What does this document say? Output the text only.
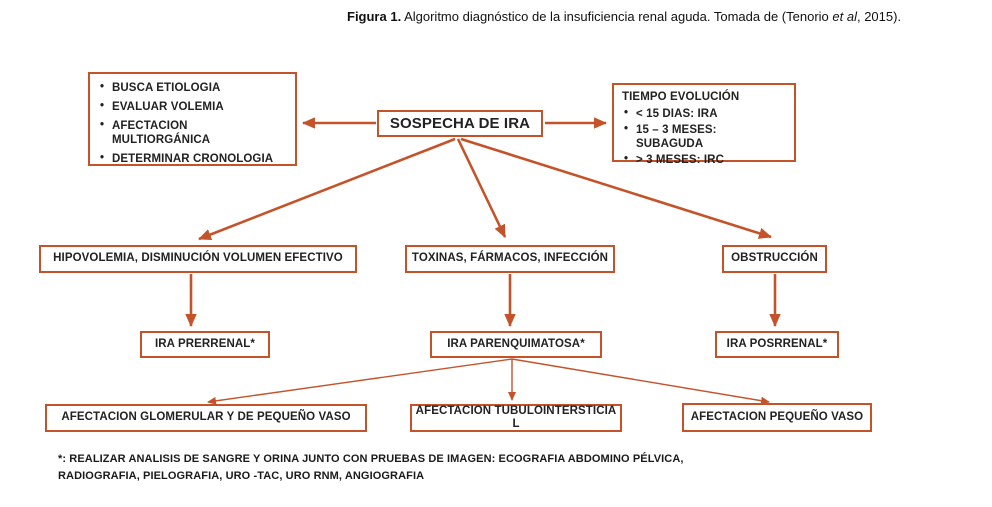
Figura 1. Algoritmo diagnóstico de la insuficiencia renal aguda. Tomada de (Tenorio et al, 2015).
• BUSCA ETIOLOGIA
• EVALUAR VOLEMIA
• AFECTACION MULTIORGÁNICA
• DETERMINAR CRONOLOGIA
SOSPECHA DE IRA
TIEMPO EVOLUCIÓN
• < 15 DIAS: IRA
• 15 – 3 MESES: SUBAGUDA
• > 3 MESES: IRC
HIPOVOLEMIA, DISMINUCIÓN VOLUMEN EFECTIVO	TOXINAS, FÁRMACOS, INFECCIÓN	OBSTRUCCIÓN
IRA PRERRENAL*	IRA PARENQUIMATOSA*	IRA POSRRENAL*
AFECTACION GLOMERULAR Y DE PEQUEÑO VASO
AFECTACION TUBULOINTERSTICIA L
AFECTACION PEQUEÑO VASO
*: REALIZAR ANALISIS DE SANGRE Y ORINA JUNTO CON PRUEBAS DE IMAGEN: ECOGRAFIA ABDOMINO PÉLVICA,
RADIOGRAFIA, PIELOGRAFIA, URO -TAC, URO RNM, ANGIOGRAFIA
